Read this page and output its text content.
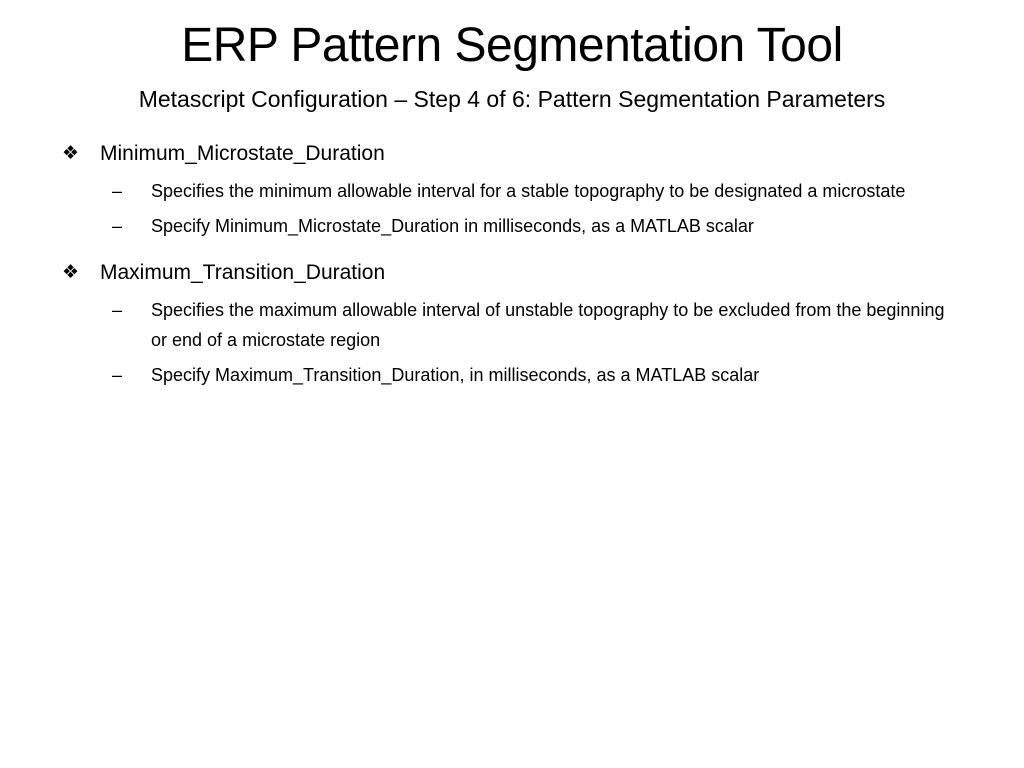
ERP Pattern Segmentation Tool
Metascript Configuration – Step 4 of 6: Pattern Segmentation Parameters
❖ Minimum_Microstate_Duration
–	Specifies the minimum allowable interval for a stable topography to be designated a microstate
–	Specify Minimum_Microstate_Duration in milliseconds, as a MATLAB scalar
❖ Maximum_Transition_Duration
–	Specifies the maximum allowable interval of unstable topography to be excluded from the beginning or end of a microstate region
–	Specify Maximum_Transition_Duration, in milliseconds, as a MATLAB scalar
